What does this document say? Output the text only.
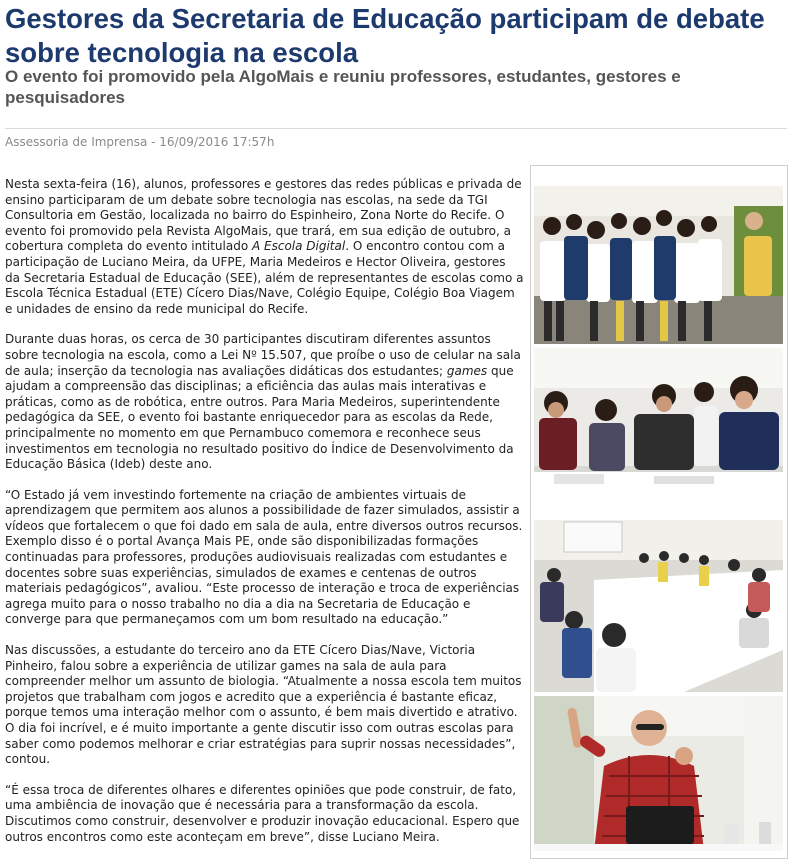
Gestores da Secretaria de Educação participam de debate sobre tecnologia na escola
O evento foi promovido pela AlgoMais e reuniu professores, estudantes, gestores e pesquisadores
Assessoria de Imprensa - 16/09/2016 17:57h

Nesta sexta-feira (16), alunos, professores e gestores das redes públicas e privada de ensino participaram de um debate sobre tecnologia nas escolas, na sede da TGI Consultoria em Gestão, localizada no bairro do Espinheiro, Zona Norte do Recife. O evento foi promovido pela Revista AlgoMais, que trará, em sua edição de outubro, a cobertura completa do evento intitulado A Escola Digital. O encontro contou com a participação de Luciano Meira, da UFPE, Maria Medeiros e Hector Oliveira, gestores da Secretaria Estadual de Educação (SEE), além de representantes de escolas como a Escola Técnica Estadual (ETE) Cícero Dias/Nave, Colégio Equipe, Colégio Boa Viagem e unidades de ensino da rede municipal do Recife.

Durante duas horas, os cerca de 30 participantes discutiram diferentes assuntos sobre tecnologia na escola, como a Lei Nº 15.507, que proíbe o uso de celular na sala de aula; inserção da tecnologia nas avaliações didáticas dos estudantes; games que ajudam a compreensão das disciplinas; a eficiência das aulas mais interativas e práticas, como as de robótica, entre outros. Para Maria Medeiros, superintendente pedagógica da SEE, o evento foi bastante enriquecedor para as escolas da Rede, principalmente no momento em que Pernambuco comemora e reconhece seus investimentos em tecnologia no resultado positivo do Índice de Desenvolvimento da Educação Básica (Ideb) deste ano.

“O Estado já vem investindo fortemente na criação de ambientes virtuais de aprendizagem que permitem aos alunos a possibilidade de fazer simulados, assistir a vídeos que fortalecem o que foi dado em sala de aula, entre diversos outros recursos. Exemplo disso é o portal Avança Mais PE, onde são disponibilizadas formações continuadas para professores, produções audiovisuais realizadas com estudantes e docentes sobre suas experiências, simulados de exames e centenas de outros materiais pedagógicos”, avaliou. “Este processo de interação e troca de experiências agrega muito para o nosso trabalho no dia a dia na Secretaria de Educação e converge para que permaneçamos com um bom resultado na educação.”

Nas discussões, a estudante do terceiro ano da ETE Cícero Dias/Nave, Victoria Pinheiro, falou sobre a experiência de utilizar games na sala de aula para compreender melhor um assunto de biologia. “Atualmente a nossa escola tem muitos projetos que trabalham com jogos e acredito que a experiência é bastante eficaz, porque temos uma interação melhor com o assunto, é bem mais divertido e atrativo. O dia foi incrível, e é muito importante a gente discutir isso com outras escolas para saber como podemos melhorar e criar estratégias para suprir nossas necessidades”, contou.

“É essa troca de diferentes olhares e diferentes opiniões que pode construir, de fato, uma ambiência de inovação que é necessária para a transformação da escola. Discutimos como construir, desenvolver e produzir inovação educacional. Espero que outros encontros como este aconteçam em breve”, disse Luciano Meira.
